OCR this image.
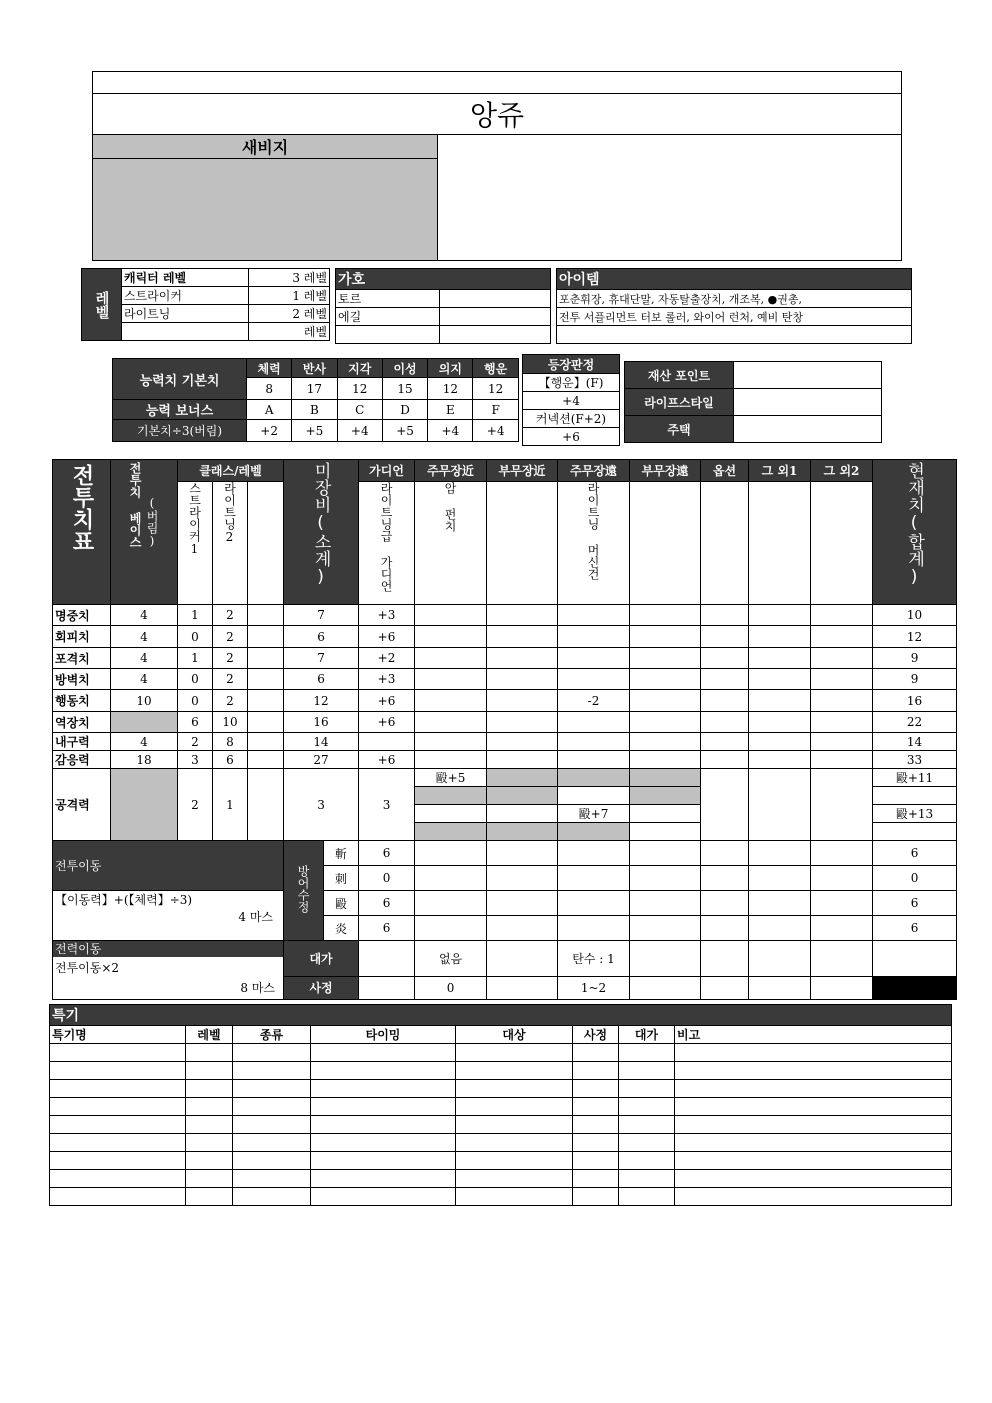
앙쥬
새비지	

레벨	캐릭터 레벨	3 레벨
	스트라이커	1 레벨
	라이트닝	2 레벨
		레벨
가호	
토르	
에길	

아이템
포춘휘장, 휴대단말, 자동탈출장치, 개조복, ●권총,
전투 서플리먼트 터보 롤러, 와이어 런처, 예비 탄창

능력치 기본치	체력	반사	지각	이성	의지	행운
	8	17	12	15	12	12
능력 보너스	A	B	C	D	E	F
기본치÷3(버림)	+2	+5	+4	+5	+4	+4
등장판정
【행운】(F)
+4
커넥션(F+2)
+6
재산 포인트	
라이프스타일	
주택	
전투치표	전투치 베이스 (버림)	클래스/레벨			미장비(소계)		가디언	주무장近	부무장近	주무장遠	부무장遠	옵션	그 외1	그 외2	현재치(합계)
		스트라이커1	라이트닝2				라이트닝급 가디언	암 펀치		라이트닝 머신건					
명중치	4	1	2		7		+3								10
회피치	4	0	2		6		+6								12
포격치	4	1	2		7		+2								9
방벽치	4	0	2		6		+3								9
행동치	10	0	2		12		+6			-2					16
역장치		6	10		16		+6								22
내구력	4	2	8		14										14
감응력	18	3	6		27		+6								33
공격력		2	1		3		3	毆+5							毆+11

										毆+7					毆+13

전투이동					방어수정	斬	6								6
						刺	0								0

【이동력】+(【체력】÷3)
4 마스						毆	6								6
						炎	6								6

전력이동
전투이동×2					대가			없음		탄수 : 1					
8 마스					사정			0		1~2					
특기							
특기명	레벨	종류	타이밍	대상	사정	대가	비고
